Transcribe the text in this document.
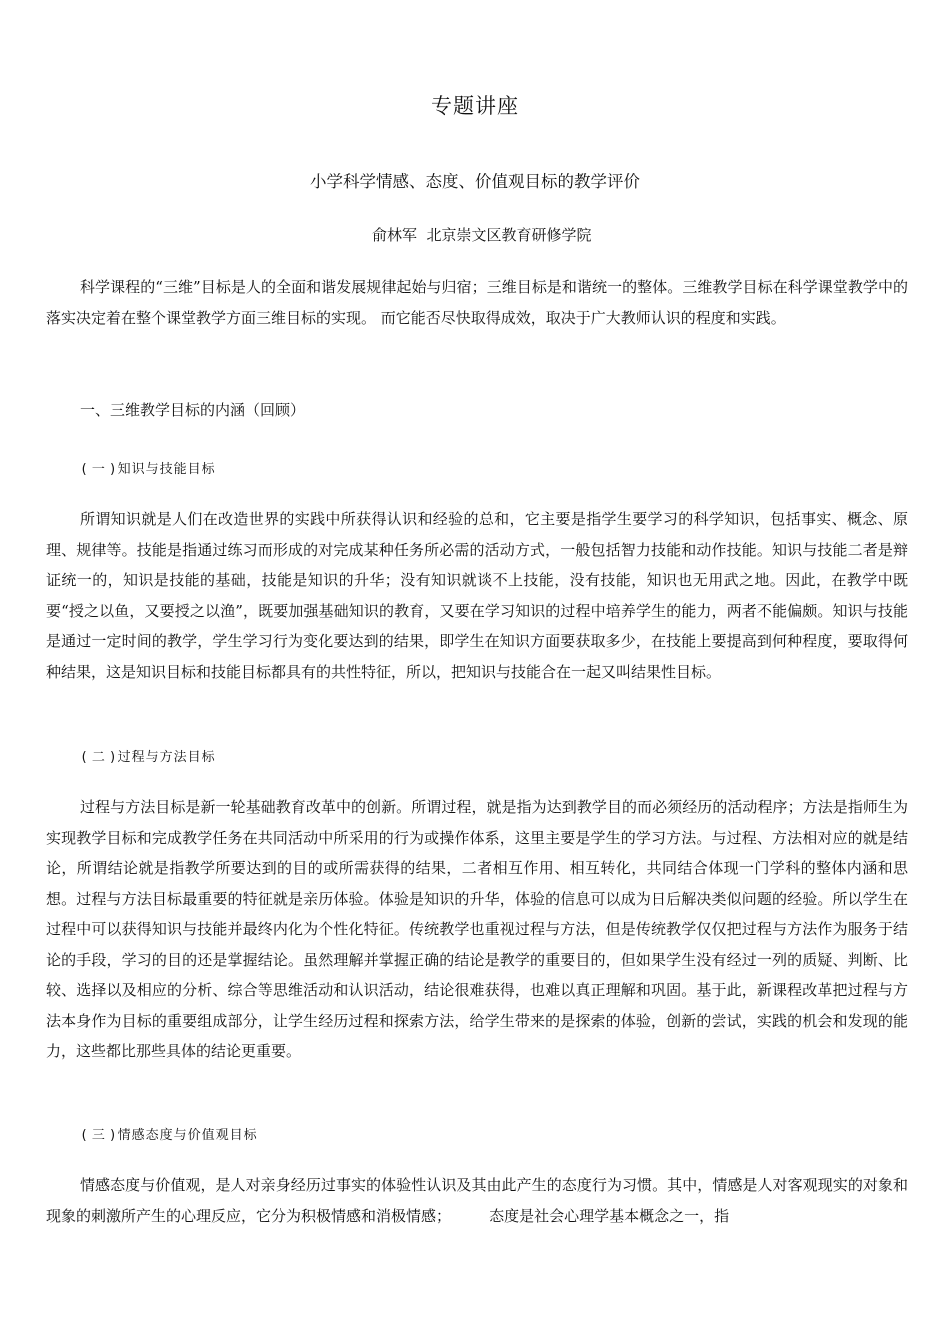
专题讲座
小学科学情感、态度、价值观目标的教学评价
俞林军  北京崇文区教育研修学院

科学课程的“三维”目标是人的全面和谐发展规律起始与归宿；三维目标是和谐统一的整体。三维教学目标在科学课堂教学中的落实决定着在整个课堂教学方面三维目标的实现。 而它能否尽快取得成效，取决于广大教师认识的程度和实践。

一、三维教学目标的内涵（回顾）
( 一 )知识与技能目标

所谓知识就是人们在改造世界的实践中所获得认识和经验的总和，它主要是指学生要学习的科学知识，包括事实、概念、原理、规律等。技能是指通过练习而形成的对完成某种任务所必需的活动方式，一般包括智力技能和动作技能。知识与技能二者是辩证统一的，知识是技能的基础，技能是知识的升华；没有知识就谈不上技能，没有技能，知识也无用武之地。因此，在教学中既要“授之以鱼，又要授之以渔”，既要加强基础知识的教育，又要在学习知识的过程中培养学生的能力，两者不能偏颇。知识与技能是通过一定时间的教学，学生学习行为变化要达到的结果，即学生在知识方面要获取多少，在技能上要提高到何种程度，要取得何种结果，这是知识目标和技能目标都具有的共性特征，所以，把知识与技能合在一起又叫结果性目标。

( 二 )过程与方法目标

过程与方法目标是新一轮基础教育改革中的创新。所谓过程，就是指为达到教学目的而必须经历的活动程序；方法是指师生为实现教学目标和完成教学任务在共同活动中所采用的行为或操作体系，这里主要是学生的学习方法。与过程、方法相对应的就是结论，所谓结论就是指教学所要达到的目的或所需获得的结果，二者相互作用、相互转化，共同结合体现一门学科的整体内涵和思想。过程与方法目标最重要的特征就是亲历体验。体验是知识的升华，体验的信息可以成为日后解决类似问题的经验。所以学生在过程中可以获得知识与技能并最终内化为个性化特征。传统教学也重视过程与方法，但是传统教学仅仅把过程与方法作为服务于结论的手段，学习的目的还是掌握结论。虽然理解并掌握正确的结论是教学的重要目的，但如果学生没有经过一列的质疑、判断、比较、选择以及相应的分析、综合等思维活动和认识活动，结论很难获得，也难以真正理解和巩固。基于此，新课程改革把过程与方法本身作为目标的重要组成部分，让学生经历过程和探索方法，给学生带来的是探索的体验，创新的尝试，实践的机会和发现的能力，这些都比那些具体的结论更重要。

( 三 )情感态度与价值观目标

情感态度与价值观，是人对亲身经历过事实的体验性认识及其由此产生的态度行为习惯。其中，情感是人对客观现实的对象和现象的刺激所产生的心理反应，它分为积极情感和消极情感；        态度是社会心理学基本概念之一，指
